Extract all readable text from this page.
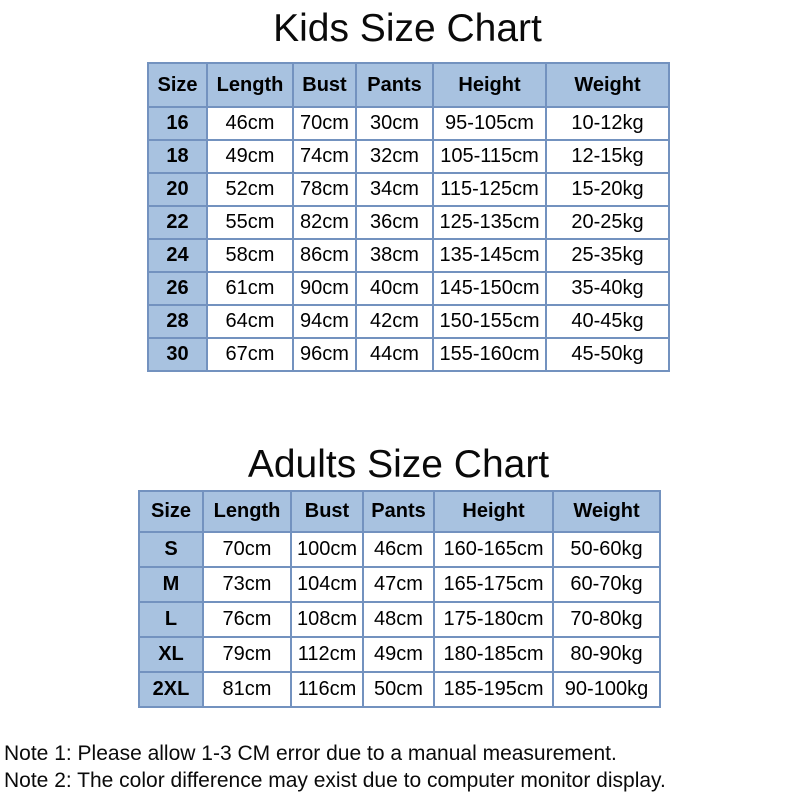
Kids Size Chart
Size	Length	Bust	Pants	Height	Weight
16	46cm	70cm	30cm	95-105cm	10-12kg
18	49cm	74cm	32cm	105-115cm	12-15kg
20	52cm	78cm	34cm	115-125cm	15-20kg
22	55cm	82cm	36cm	125-135cm	20-25kg
24	58cm	86cm	38cm	135-145cm	25-35kg
26	61cm	90cm	40cm	145-150cm	35-40kg
28	64cm	94cm	42cm	150-155cm	40-45kg
30	67cm	96cm	44cm	155-160cm	45-50kg
Adults Size Chart
Size	Length	Bust	Pants	Height	Weight
S	70cm	100cm	46cm	160-165cm	50-60kg
M	73cm	104cm	47cm	165-175cm	60-70kg
L	76cm	108cm	48cm	175-180cm	70-80kg
XL	79cm	112cm	49cm	180-185cm	80-90kg
2XL	81cm	116cm	50cm	185-195cm	90-100kg
Note 1: Please allow 1-3 CM error due to a manual measurement.
Note 2: The color difference may exist due to computer monitor display.
